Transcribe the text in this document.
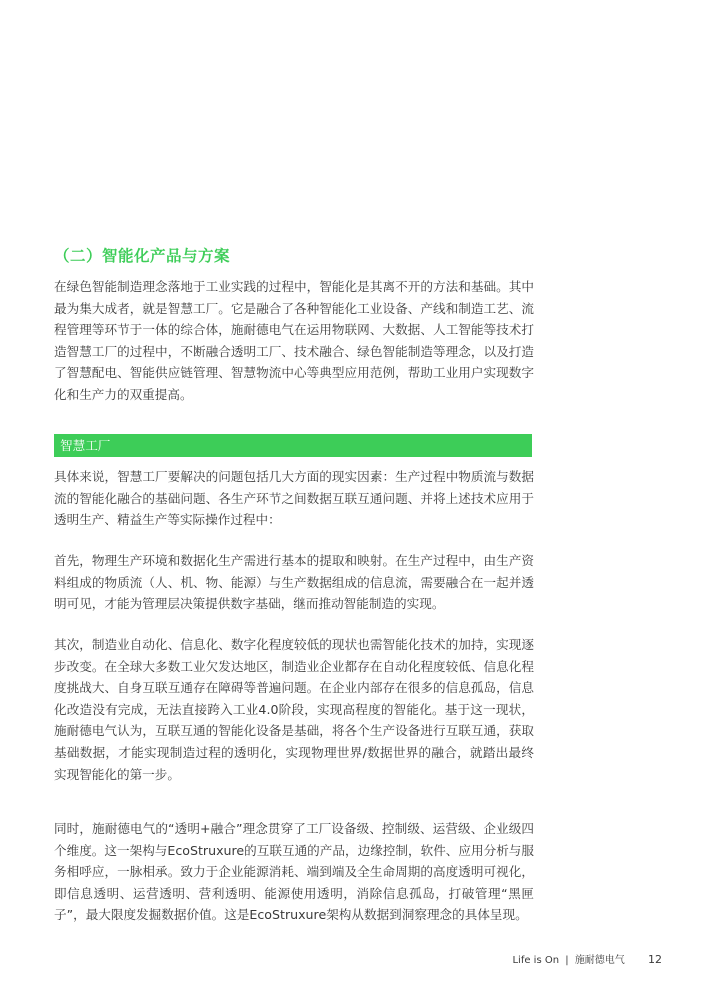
（二）智能化产品与方案

在绿色智能制造理念落地于工业实践的过程中，智能化是其离不开的方法和基础。其中最为集大成者，就是智慧工厂。它是融合了各种智能化工业设备、产线和制造工艺、流程管理等环节于一体的综合体，施耐德电气在运用物联网、大数据、人工智能等技术打造智慧工厂的过程中，不断融合透明工厂、技术融合、绿色智能制造等理念，以及打造了智慧配电、智能供应链管理、智慧物流中心等典型应用范例，帮助工业用户实现数字化和生产力的双重提高。

智慧工厂

具体来说，智慧工厂要解决的问题包括几大方面的现实因素：生产过程中物质流与数据流的智能化融合的基础问题、各生产环节之间数据互联互通问题、并将上述技术应用于透明生产、精益生产等实际操作过程中：

首先，物理生产环境和数据化生产需进行基本的提取和映射。在生产过程中，由生产资料组成的物质流（人、机、物、能源）与生产数据组成的信息流，需要融合在一起并透明可见，才能为管理层决策提供数字基础，继而推动智能制造的实现。

其次，制造业自动化、信息化、数字化程度较低的现状也需智能化技术的加持，实现逐步改变。在全球大多数工业欠发达地区，制造业企业都存在自动化程度较低、信息化程度挑战大、自身互联互通存在障碍等普遍问题。在企业内部存在很多的信息孤岛，信息化改造没有完成，无法直接跨入工业4.0阶段，实现高程度的智能化。基于这一现状，施耐德电气认为，互联互通的智能化设备是基础，将各个生产设备进行互联互通，获取基础数据，才能实现制造过程的透明化，实现物理世界/数据世界的融合，就踏出最终实现智能化的第一步。

同时，施耐德电气的“透明+融合”理念贯穿了工厂设备级、控制级、运营级、企业级四个维度。这一架构与EcoStruxure的互联互通的产品，边缘控制，软件、应用分析与服务相呼应，一脉相承。致力于企业能源消耗、端到端及全生命周期的高度透明可视化，即信息透明、运营透明、营利透明、能源使用透明，消除信息孤岛，打破管理“黑匣子”，最大限度发掘数据价值。这是EcoStruxure架构从数据到洞察理念的具体呈现。

Life is On | 施耐德电气 12
